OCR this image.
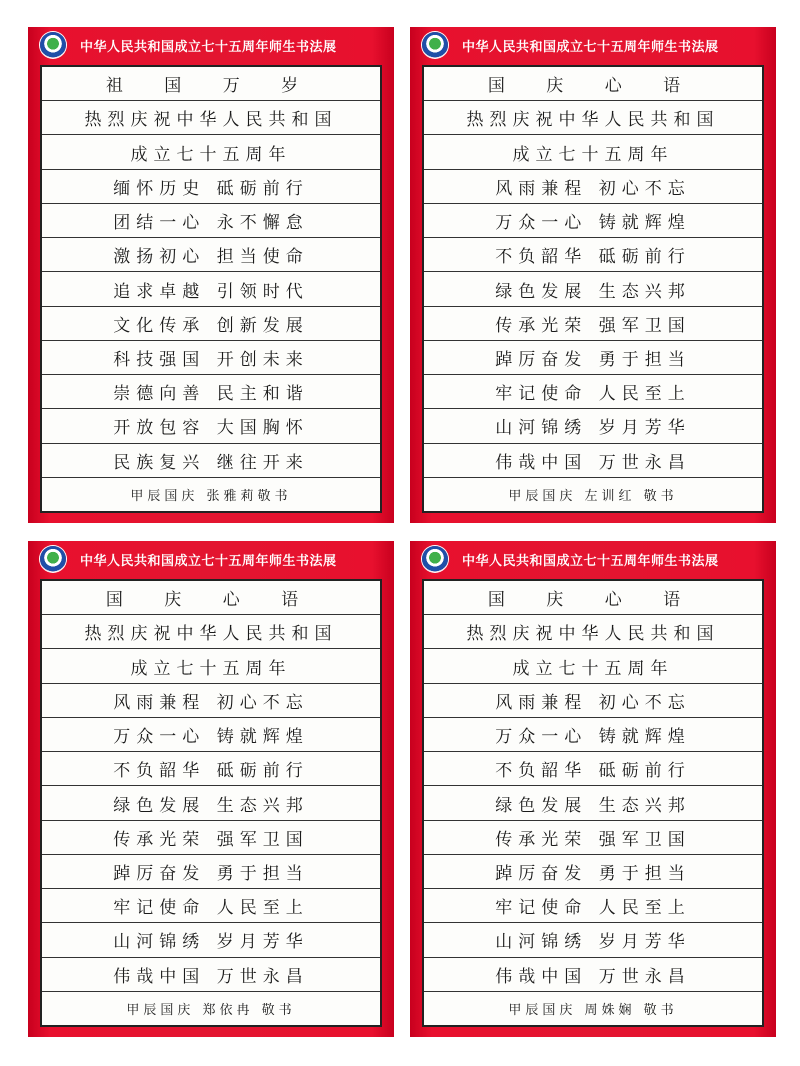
中华人民共和国成立七十五周年师生书法展
祖 国 万 岁
热烈庆祝中华人民共和国
成立七十五周年
缅怀历史 砥砺前行
团结一心 永不懈怠
激扬初心 担当使命
追求卓越 引领时代
文化传承 创新发展
科技强国 开创未来
崇德向善 民主和谐
开放包容 大国胸怀
民族复兴 继往开来
甲辰国庆 张雅莉敬书
中华人民共和国成立七十五周年师生书法展
国 庆 心 语
热烈庆祝中华人民共和国
成立七十五周年
风雨兼程 初心不忘
万众一心 铸就辉煌
不负韶华 砥砺前行
绿色发展 生态兴邦
传承光荣 强军卫国
踔厉奋发 勇于担当
牢记使命 人民至上
山河锦绣 岁月芳华
伟哉中国 万世永昌
甲辰国庆 左训红 敬书
中华人民共和国成立七十五周年师生书法展
国 庆 心 语
热烈庆祝中华人民共和国
成立七十五周年
风雨兼程 初心不忘
万众一心 铸就辉煌
不负韶华 砥砺前行
绿色发展 生态兴邦
传承光荣 强军卫国
踔厉奋发 勇于担当
牢记使命 人民至上
山河锦绣 岁月芳华
伟哉中国 万世永昌
甲辰国庆 郑依冉 敬书
中华人民共和国成立七十五周年师生书法展
国 庆 心 语
热烈庆祝中华人民共和国
成立七十五周年
风雨兼程 初心不忘
万众一心 铸就辉煌
不负韶华 砥砺前行
绿色发展 生态兴邦
传承光荣 强军卫国
踔厉奋发 勇于担当
牢记使命 人民至上
山河锦绣 岁月芳华
伟哉中国 万世永昌
甲辰国庆 周姝娴 敬书
